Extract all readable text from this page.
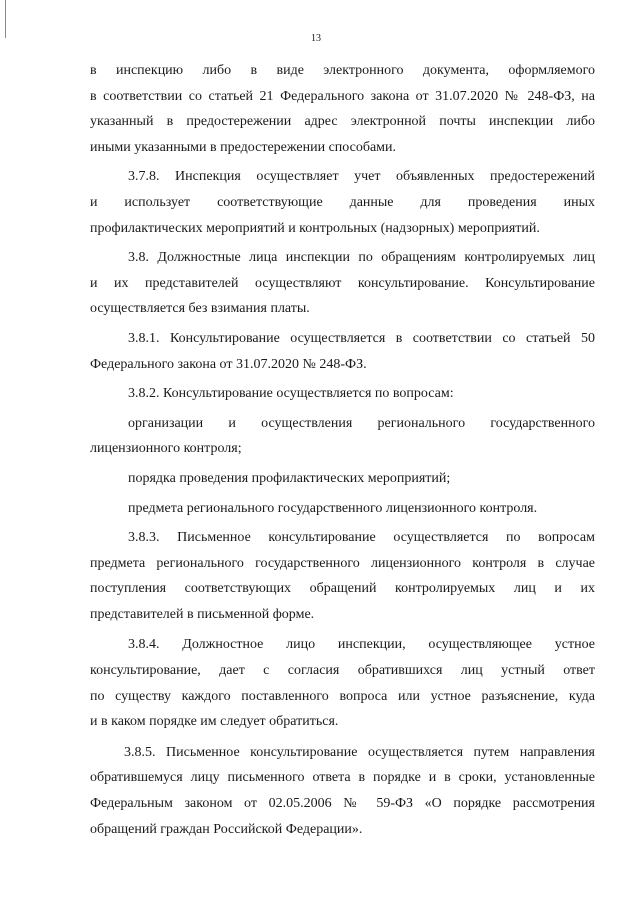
13
в инспекцию либо в виде электронного документа, оформляемого
в соответствии со статьей 21 Федерального закона от 31.07.2020 № 248-ФЗ, на
указанный в предостережении адрес электронной почты инспекции либо
иными указанными в предостережении способами.
3.7.8. Инспекция осуществляет учет объявленных предостережений
и использует соответствующие данные для проведения иных
профилактических мероприятий и контрольных (надзорных) мероприятий.
3.8. Должностные лица инспекции по обращениям контролируемых лиц
и их представителей осуществляют консультирование. Консультирование
осуществляется без взимания платы.
3.8.1. Консультирование осуществляется в соответствии со статьей 50
Федерального закона от 31.07.2020 № 248-ФЗ.
3.8.2. Консультирование осуществляется по вопросам:
организации и осуществления регионального государственного
лицензионного контроля;
порядка проведения профилактических мероприятий;
предмета регионального государственного лицензионного контроля.
3.8.3. Письменное консультирование осуществляется по вопросам
предмета регионального государственного лицензионного контроля в случае
поступления соответствующих обращений контролируемых лиц и их
представителей в письменной форме.
3.8.4. Должностное лицо инспекции, осуществляющее устное
консультирование, дает с согласия обратившихся лиц устный ответ
по существу каждого поставленного вопроса или устное разъяснение, куда
и в каком порядке им следует обратиться.
3.8.5. Письменное консультирование осуществляется путем направления
обратившемуся лицу письменного ответа в порядке и в сроки, установленные
Федеральным законом от 02.05.2006 № 59-ФЗ «О порядке рассмотрения
обращений граждан Российской Федерации».
